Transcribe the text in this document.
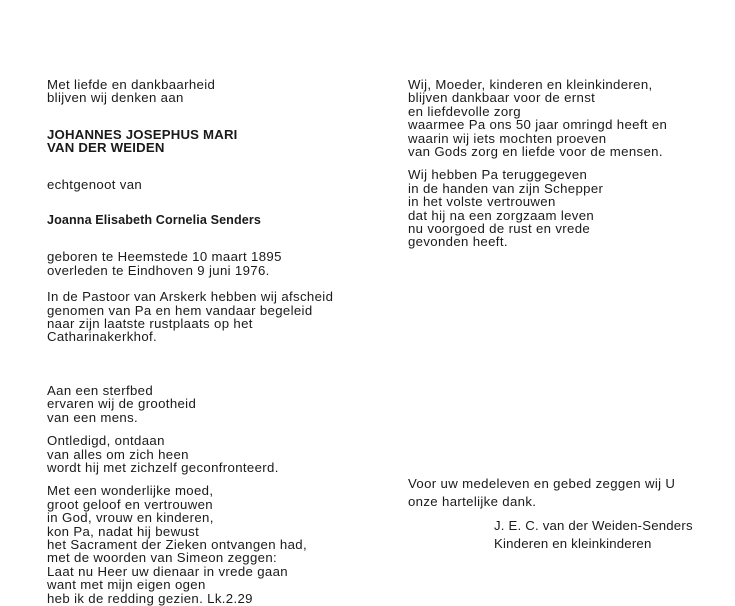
Met liefde en dankbaarheid

blijven wij denken aan

JOHANNES JOSEPHUS MARI

VAN DER WEIDEN

echtgenoot van

Joanna Elisabeth Cornelia Senders

geboren te Heemstede 10 maart 1895

overleden te Eindhoven 9 juni 1976.

In de Pastoor van Arskerk hebben wij afscheid

genomen van Pa en hem vandaar begeleid

naar zijn laatste rustplaats op het

Catharinakerkhof.

Aan een sterfbed

ervaren wij de grootheid

van een mens.

Ontledigd, ontdaan

van alles om zich heen

wordt hij met zichzelf geconfronteerd.

Met een wonderlijke moed,

groot geloof en vertrouwen

in God, vrouw en kinderen,

kon Pa, nadat hij bewust

het Sacrament der Zieken ontvangen had,

met de woorden van Simeon zeggen:

Laat nu Heer uw dienaar in vrede gaan

want met mijn eigen ogen

heb ik de redding gezien. Lk.2.29

Wij, Moeder, kinderen en kleinkinderen,

blijven dankbaar voor de ernst

en liefdevolle zorg

waarmee Pa ons 50 jaar omringd heeft en

waarin wij iets mochten proeven

van Gods zorg en liefde voor de mensen.

Wij hebben Pa teruggegeven

in de handen van zijn Schepper

in het volste vertrouwen

dat hij na een zorgzaam leven

nu voorgoed de rust en vrede

gevonden heeft.

Voor uw medeleven en gebed zeggen wij U

onze hartelijke dank.

J. E. C. van der Weiden-Senders

Kinderen en kleinkinderen
